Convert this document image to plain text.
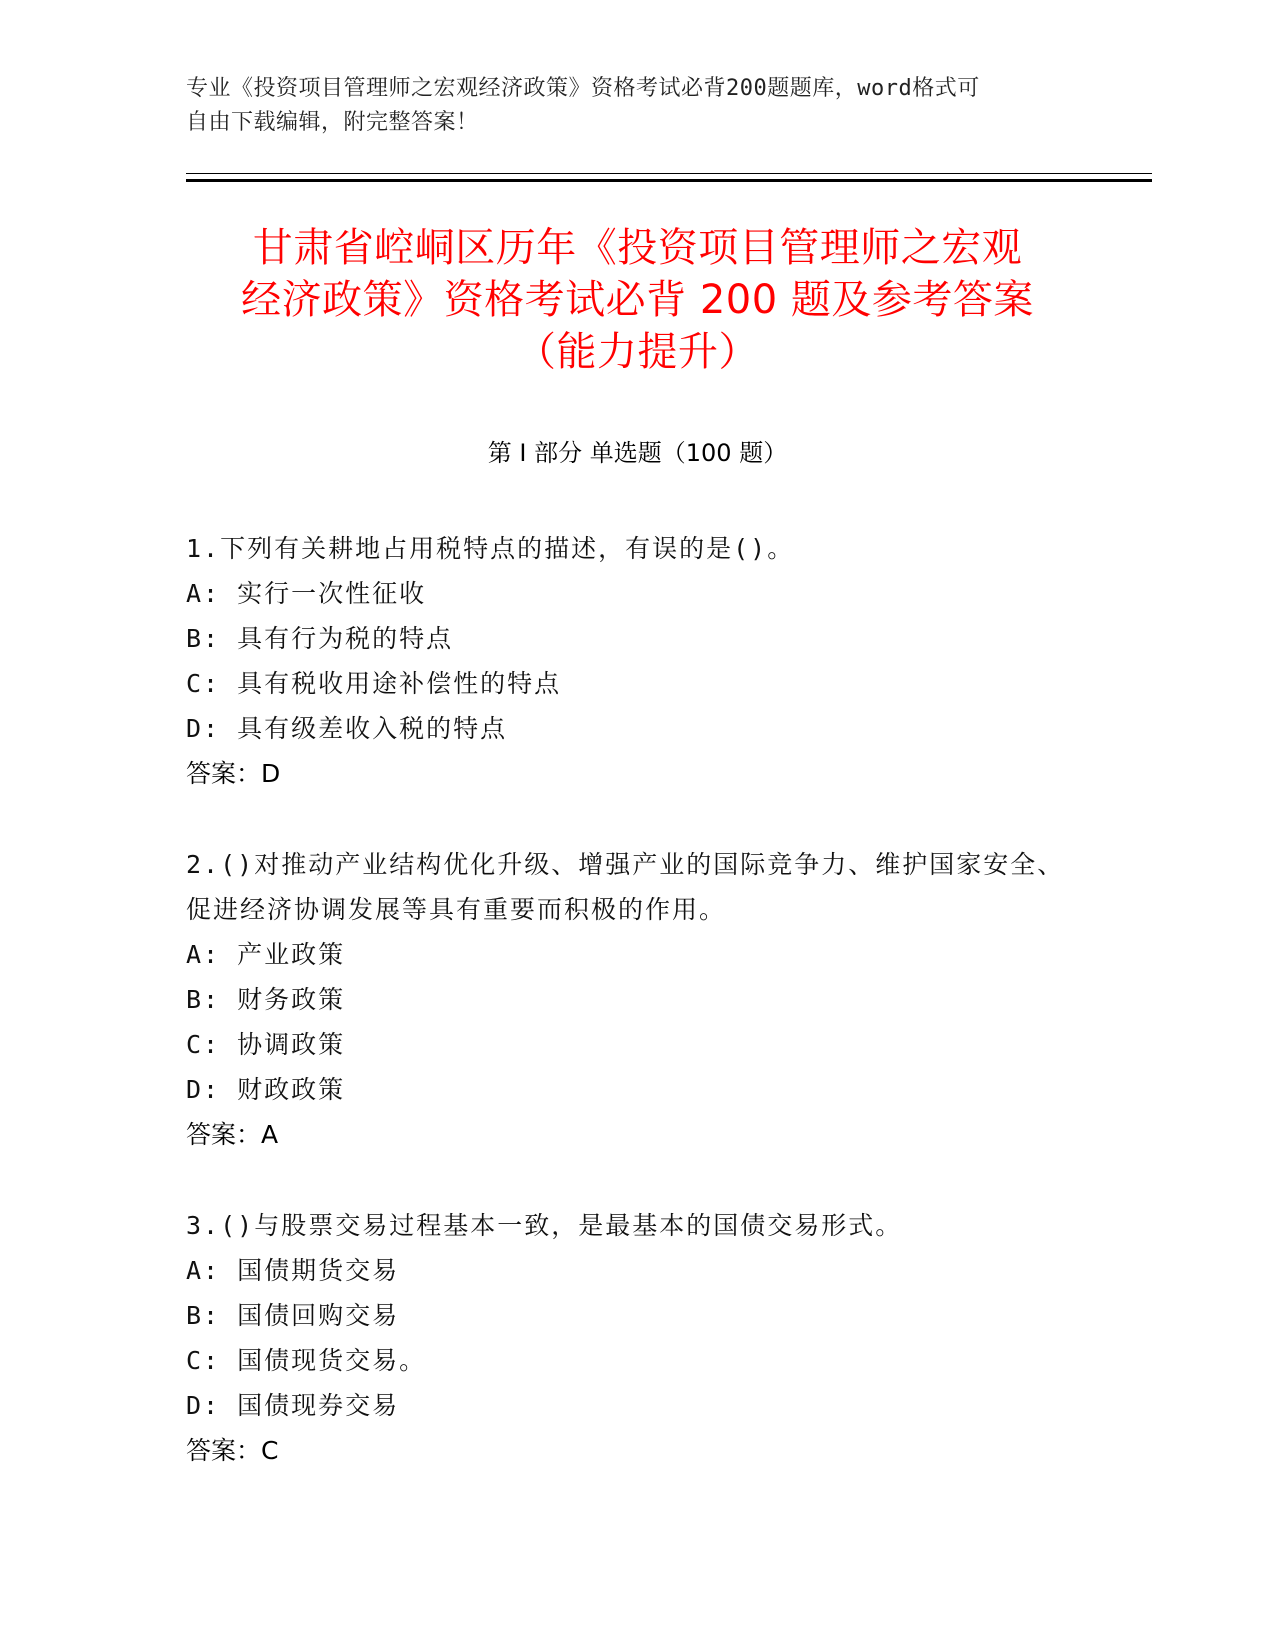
专业《投资项目管理师之宏观经济政策》资格考试必背200题题库，word格式可
自由下载编辑，附完整答案！
甘肃省崆峒区历年《投资项目管理师之宏观
经济政策》资格考试必背 200 题及参考答案
（能力提升）
第 I 部分 单选题（100 题）
1.下列有关耕地占用税特点的描述，有误的是()。
A: 实行一次性征收
B: 具有行为税的特点
C: 具有税收用途补偿性的特点
D: 具有级差收入税的特点
答案：D
2.()对推动产业结构优化升级、增强产业的国际竞争力、维护国家安全、促进经济协调发展等具有重要而积极的作用。
A: 产业政策
B: 财务政策
C: 协调政策
D: 财政政策
答案：A
3.()与股票交易过程基本一致，是最基本的国债交易形式。
A: 国债期货交易
B: 国债回购交易
C: 国债现货交易。
D: 国债现券交易
答案：C
